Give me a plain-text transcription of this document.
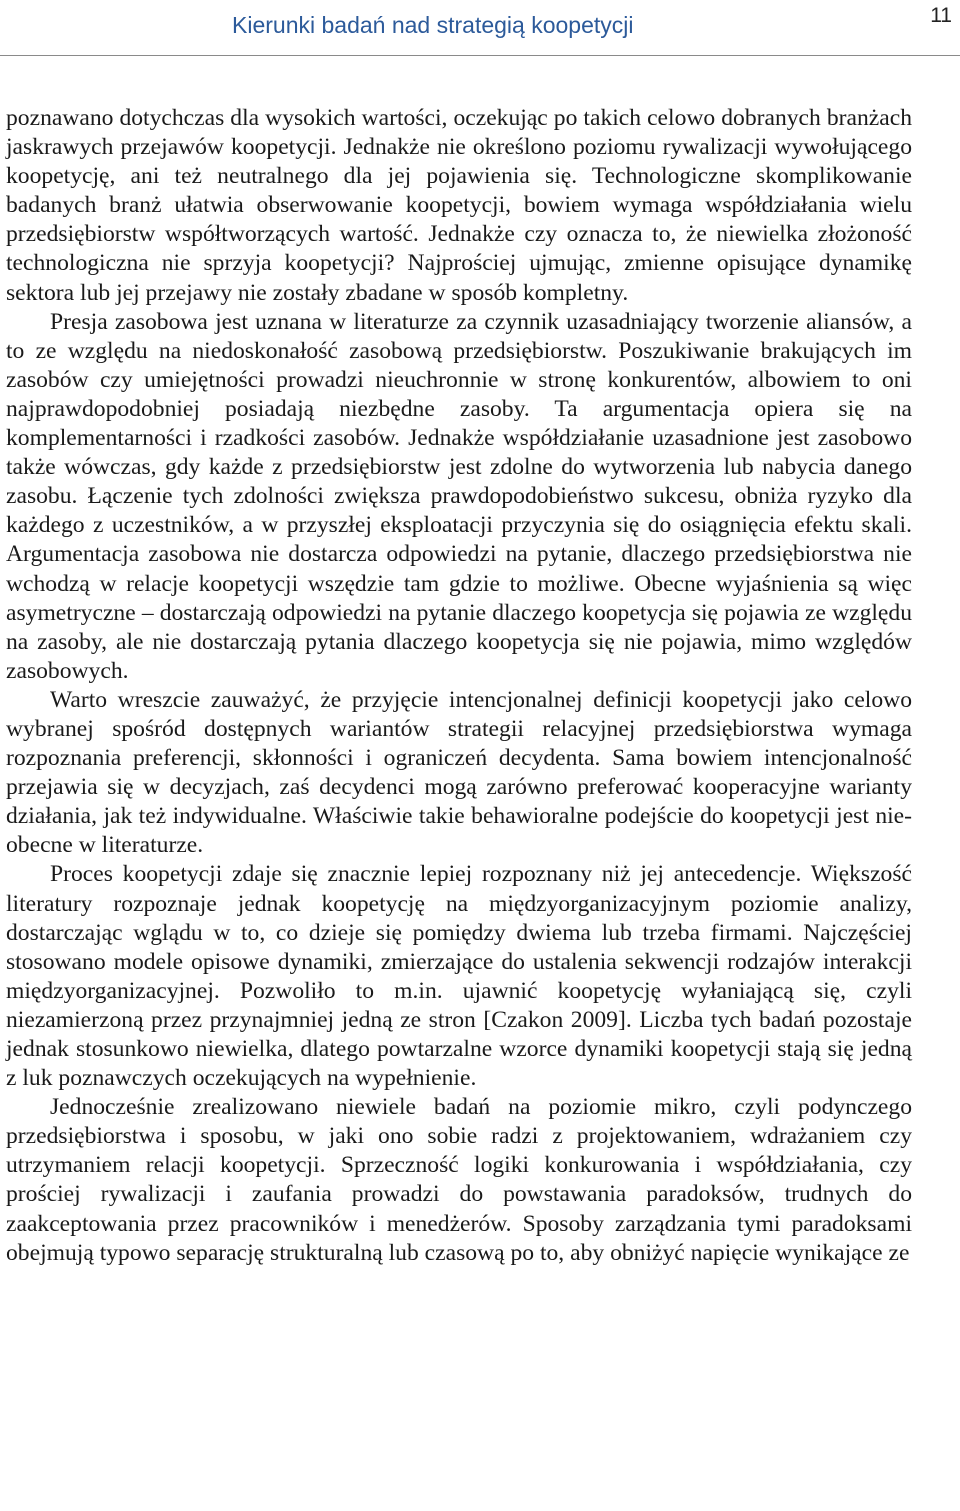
Kierunki badań nad strategią koopetycji	11

poznawano dotychczas dla wysokich wartości, oczekując po takich celowo dobranych branżach jaskrawych przejawów koopetycji. Jednakże nie określono poziomu rywalizacji wywołującego koopetycję, ani też neutralnego dla jej pojawienia się. Technologiczne skomplikowanie badanych branż ułatwia obserwowanie koopetycji, bowiem wymaga współdziałania wielu przedsiębiorstw współtworzących wartość. Jednakże czy oznacza to, że niewielka złożoność technologiczna nie sprzyja koopetycji? Najprościej ujmując, zmienne opisujące dynamikę sektora lub jej przejawy nie zostały zbadane w sposób kompletny.

Presja zasobowa jest uznana w literaturze za czynnik uzasadniający tworzenie aliansów, a to ze względu na niedoskonałość zasobową przedsiębiorstw. Poszukiwanie brakujących im zasobów czy umiejętności prowadzi nieuchronnie w stronę konkurentów, albowiem to oni najprawdopodobniej posiadają niezbędne zasoby. Ta argumentacja opiera się na komplementarności i rzadkości zasobów. Jednakże współdziałanie uzasadnione jest zasobowo także wówczas, gdy każde z przedsiębiorstw jest zdolne do wytworzenia lub nabycia danego zasobu. Łączenie tych zdolności zwiększa prawdopodobieństwo sukcesu, obniża ryzyko dla każdego z uczestników, a w przyszłej eksploatacji przyczynia się do osiągnięcia efektu skali. Argumentacja zasobowa nie dostarcza odpowiedzi na pytanie, dlaczego przedsiębiorstwa nie wchodzą w relacje koopetycji wszędzie tam gdzie to możliwe. Obecne wyjaśnienia są więc asymetryczne – dostarczają odpowiedzi na pytanie dlaczego koopetycja się pojawia ze względu na zasoby, ale nie dostarczają pytania dlaczego koopetycja się nie pojawia, mimo względów zasobowych.

Warto wreszcie zauważyć, że przyjęcie intencjonalnej definicji koopetycji jako celowo wybranej spośród dostępnych wariantów strategii relacyjnej przedsiębiorstwa wymaga rozpoznania preferencji, skłonności i ograniczeń decydenta. Sama bowiem intencjonalność przejawia się w decyzjach, zaś decydenci mogą zarówno preferować kooperacyjne warianty działania, jak też indywidualne. Właściwie takie behawioralne podejście do koopetycji jest nieobecne w literaturze.

Proces koopetycji zdaje się znacznie lepiej rozpoznany niż jej antecedencje. Większość literatury rozpoznaje jednak koopetycję na międzyorganizacyjnym poziomie analizy, dostarczając wglądu w to, co dzieje się pomiędzy dwiema lub trzeba firmami. Najczęściej stosowano modele opisowe dynamiki, zmierzające do ustalenia sekwencji rodzajów interakcji międzyorganizacyjnej. Pozwoliło to m.in. ujawnić koopetycję wyłaniającą się, czyli niezamierzoną przez przynajmniej jedną ze stron [Czakon 2009]. Liczba tych badań pozostaje jednak stosunkowo niewielka, dlatego powtarzalne wzorce dynamiki koopetycji stają się jedną z luk poznawczych oczekujących na wypełnienie.

Jednocześnie zrealizowano niewiele badań na poziomie mikro, czyli podynczego przedsiębiorstwa i sposobu, w jaki ono sobie radzi z projektowaniem, wdrażaniem czy utrzymaniem relacji koopetycji. Sprzeczność logiki konkurowania i współdziałania, czy prościej rywalizacji i zaufania prowadzi do powstawania paradoksów, trudnych do zaakceptowania przez pracowników i menedżerów. Sposoby zarządzania tymi paradoksami obejmują typowo separację strukturalną lub czasową po to, aby obniżyć napięcie wynikające ze
